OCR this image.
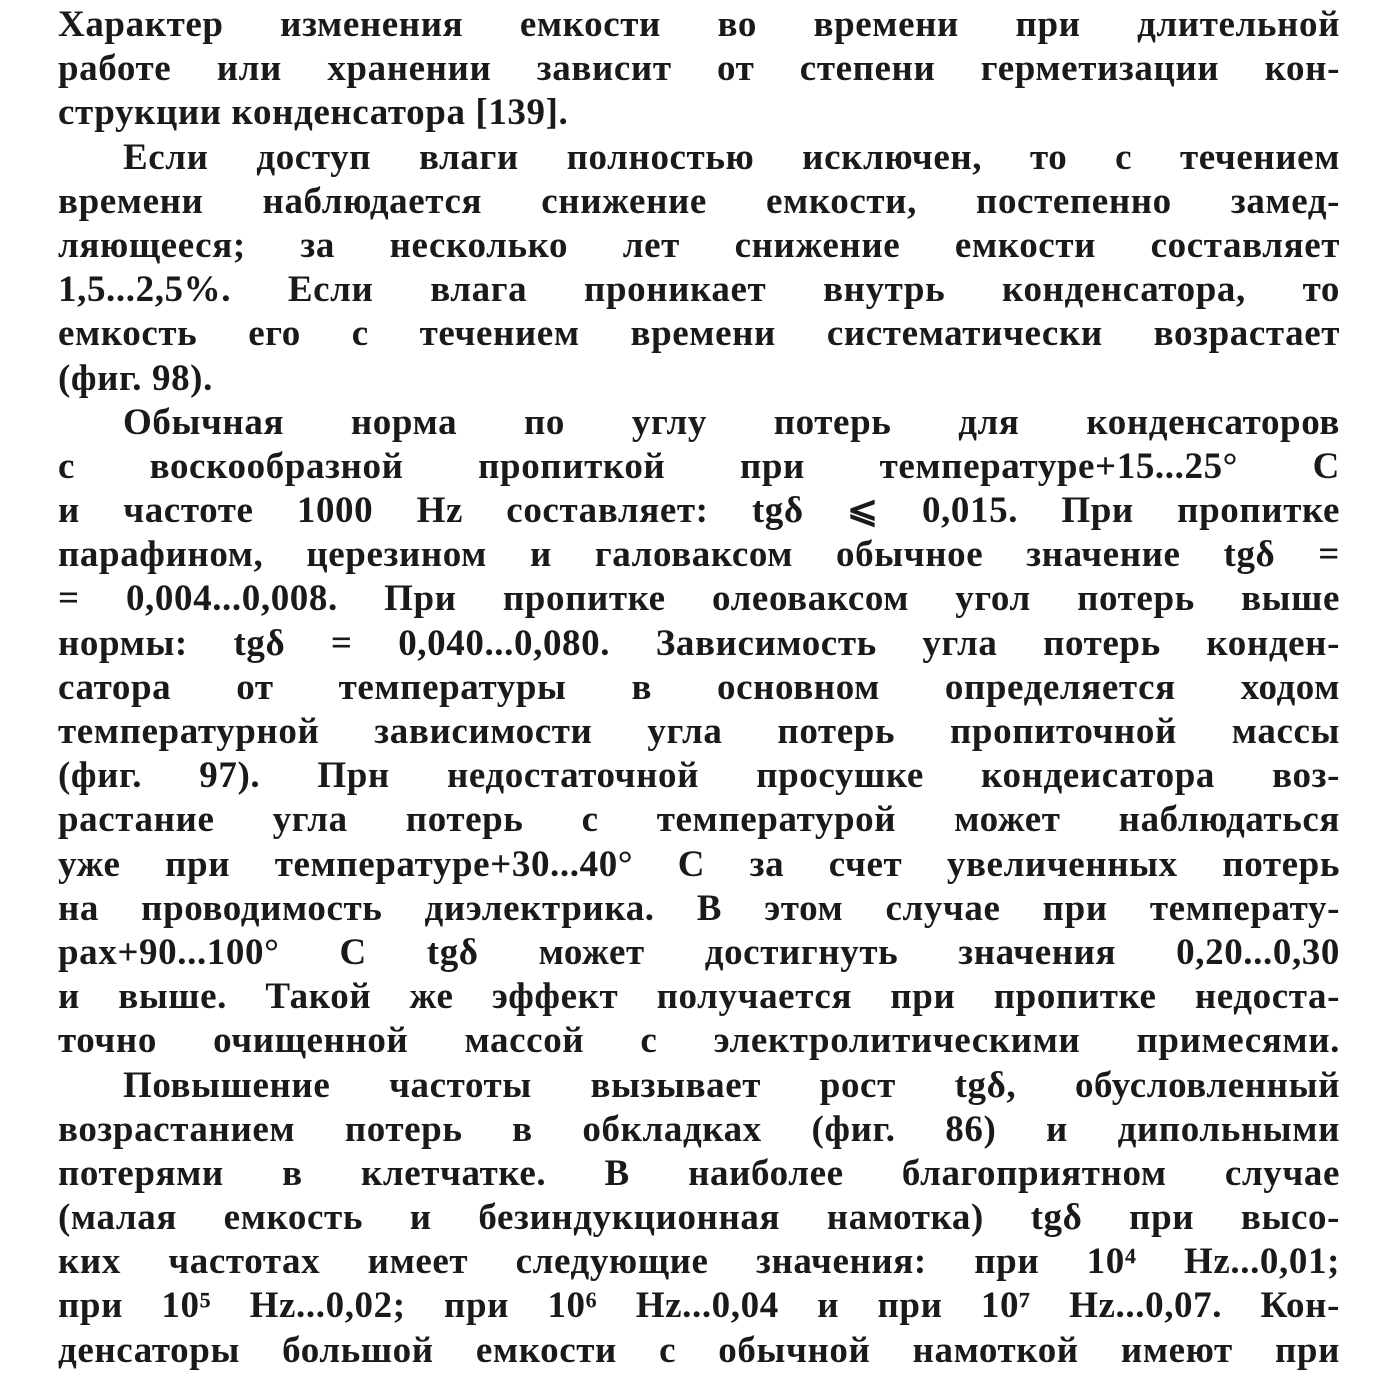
Характер изменения емкости во времени при длительной
работе или хранении зависит от степени герметизации кон-
струкции конденсатора [139].

Если доступ влаги полностью исключен, то с течением
времени наблюдается снижение емкости, постепенно замед-
ляющееся; за несколько лет снижение емкости составляет
1,5...2,5%. Если влага проникает внутрь конденсатора, то
емкость его с течением времени систематически возрастает
(фиг. 98).

Обычная норма по углу потерь для конденсаторов
с воскообразной пропиткой при температуре+15...25° С
и частоте 1000 Hz составляет: tgδ ⩽ 0,015. При пропитке
парафином, церезином и галовaксом обычное значение tgδ =
= 0,004...0,008. При пропитке олеоваксом угол потерь выше
нормы: tgδ = 0,040...0,080. Зависимость угла потерь конден-
сатора от температуры в основном определяется ходом
температурной зависимости угла потерь пропиточной массы
(фиг. 97). Прн недостаточной просушке кондеисатора воз-
растание угла потерь с температурой может наблюдаться
уже при температуре+30...40° С за счет увеличенных потерь
на проводимость диэлектрика. В этом случае при температу-
рах+90...100° С tgδ может достигнуть значения 0,20...0,30
и выше. Такой же эффект получается при пропитке недоста-
точно очищенной массой с электролитическими примесями.

Повышение частоты вызывает рост tgδ, обусловленный
возрастанием потерь в обкладках (фиг. 86) и дипольными
потерями в клетчатке. В наиболее благоприятном случае
(малая емкость и безиндукционная намотка) tgδ при высо-
ких частотах имеет следующие значения: при 10⁴ Hz...0,01;
при 10⁵ Hz...0,02; при 10⁶ Hz...0,04 и при 10⁷ Hz...0,07. Кон-
денсаторы большой емкости с обычной намоткой имеют при
